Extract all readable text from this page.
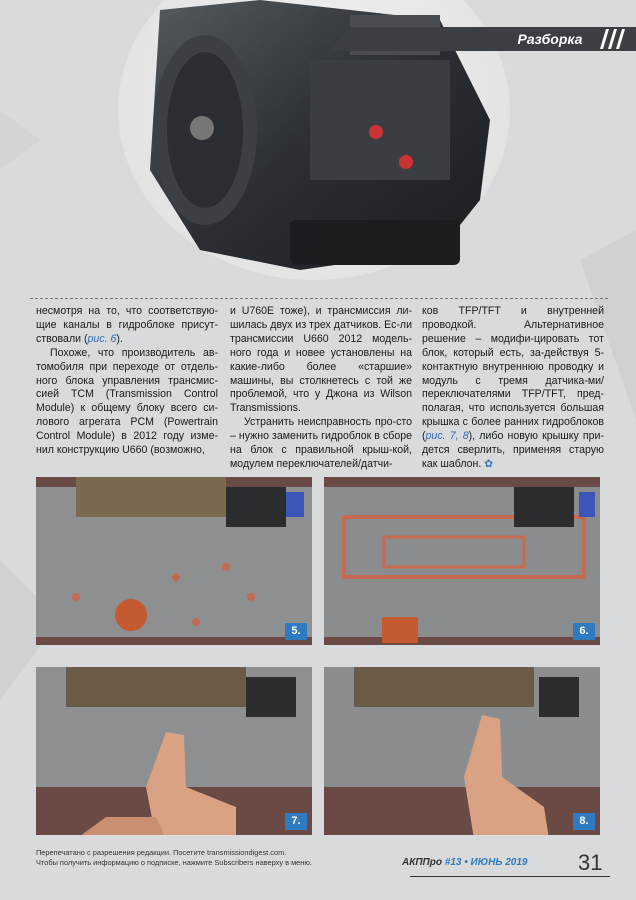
Разборка

несмотря на то, что соответствую-щие каналы в гидроблоке присут-ствовали (рис. 6).

Похоже, что производитель ав-томобиля при переходе от отдель-ного блока управления трансмис-сией TCM (Transmission Control Module) к общему блоку всего си-лового агрегата PCM (Powertrain Control Module) в 2012 году изме-нил конструкцию U660 (возможно,

и U760E тоже), и трансмиссия ли-шилась двух из трех датчиков. Ес-ли трансмиссии U660 2012 модель-ного года и новее установлены на какие-либо более «старшие» машины, вы столкнетесь с той же проблемой, что у Джона из Wilson Transmissions.

Устранить неисправность про-сто – нужно заменить гидроблок в сборе на блок с правильной крыш-кой, модулем переключателей/датчи-

ков TFP/TFT и внутренней проводкой. Альтернативное решение – модифи-цировать тот блок, который есть, за-действуя 5-контактную внутреннюю проводку и модуль с тремя датчика-ми/переключателями TFP/TFT, пред-полагая, что используется большая крышка с более ранних гидроблоков (рис. 7, 8), либо новую крышку при-дется сверлить, применяя старую как шаблон. ✿

5.	6.
7.	8.
Перепечатано с разрешения редакции. Посетите transmissiondigest.com.
Чтобы получить информацию о подписке, нажмите Subscribers наверху в меню.	АКППро #13 • ИЮНЬ 2019 31
